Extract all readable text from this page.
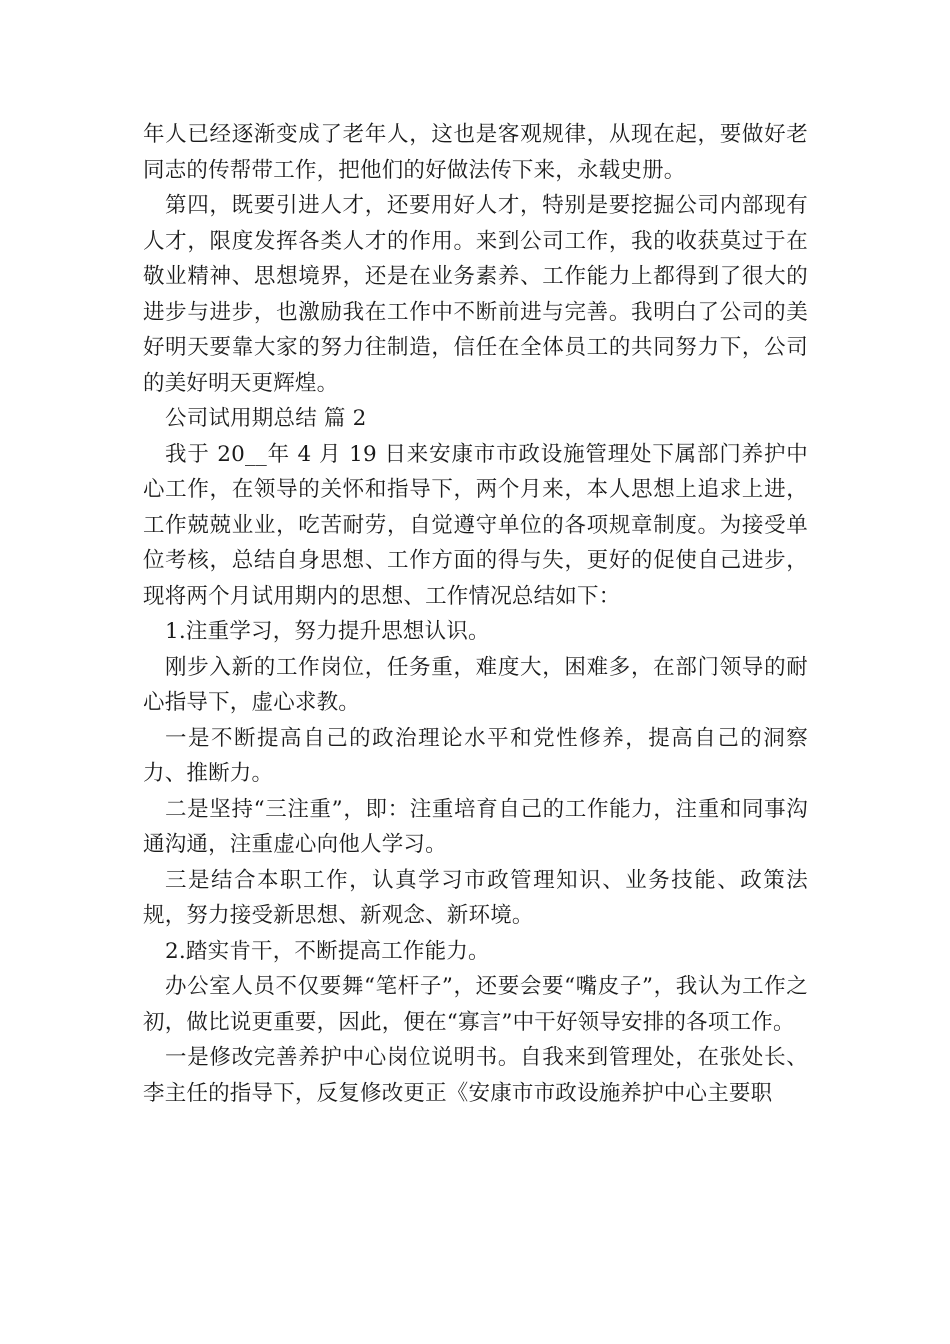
年人已经逐渐变成了老年人，这也是客观规律，从现在起，要做好老同志的传帮带工作，把他们的好做法传下来，永载史册。

第四，既要引进人才，还要用好人才，特别是要挖掘公司内部现有人才，限度发挥各类人才的作用。来到公司工作，我的收获莫过于在敬业精神、思想境界，还是在业务素养、工作能力上都得到了很大的进步与进步，也激励我在工作中不断前进与完善。我明白了公司的美好明天要靠大家的努力往制造，信任在全体员工的共同努力下，公司的美好明天更辉煌。

公司试用期总结 篇 2

我于 20__年 4 月 19 日来安康市市政设施管理处下属部门养护中心工作，在领导的关怀和指导下，两个月来，本人思想上追求上进，工作兢兢业业，吃苦耐劳，自觉遵守单位的各项规章制度。为接受单位考核，总结自身思想、工作方面的得与失，更好的促使自己进步，现将两个月试用期内的思想、工作情况总结如下：

1.注重学习，努力提升思想认识。

刚步入新的工作岗位，任务重，难度大，困难多，在部门领导的耐心指导下，虚心求教。

一是不断提高自己的政治理论水平和党性修养，提高自己的洞察力、推断力。

二是坚持“三注重”，即：注重培育自己的工作能力，注重和同事沟通沟通，注重虚心向他人学习。

三是结合本职工作，认真学习市政管理知识、业务技能、政策法规，努力接受新思想、新观念、新环境。

2.踏实肯干，不断提高工作能力。

办公室人员不仅要舞“笔杆子”，还要会要“嘴皮子”，我认为工作之初，做比说更重要，因此，便在“寡言”中干好领导安排的各项工作。

一是修改完善养护中心岗位说明书。自我来到管理处，在张处长、李主任的指导下，反复修改更正《安康市市政设施养护中心主要职
